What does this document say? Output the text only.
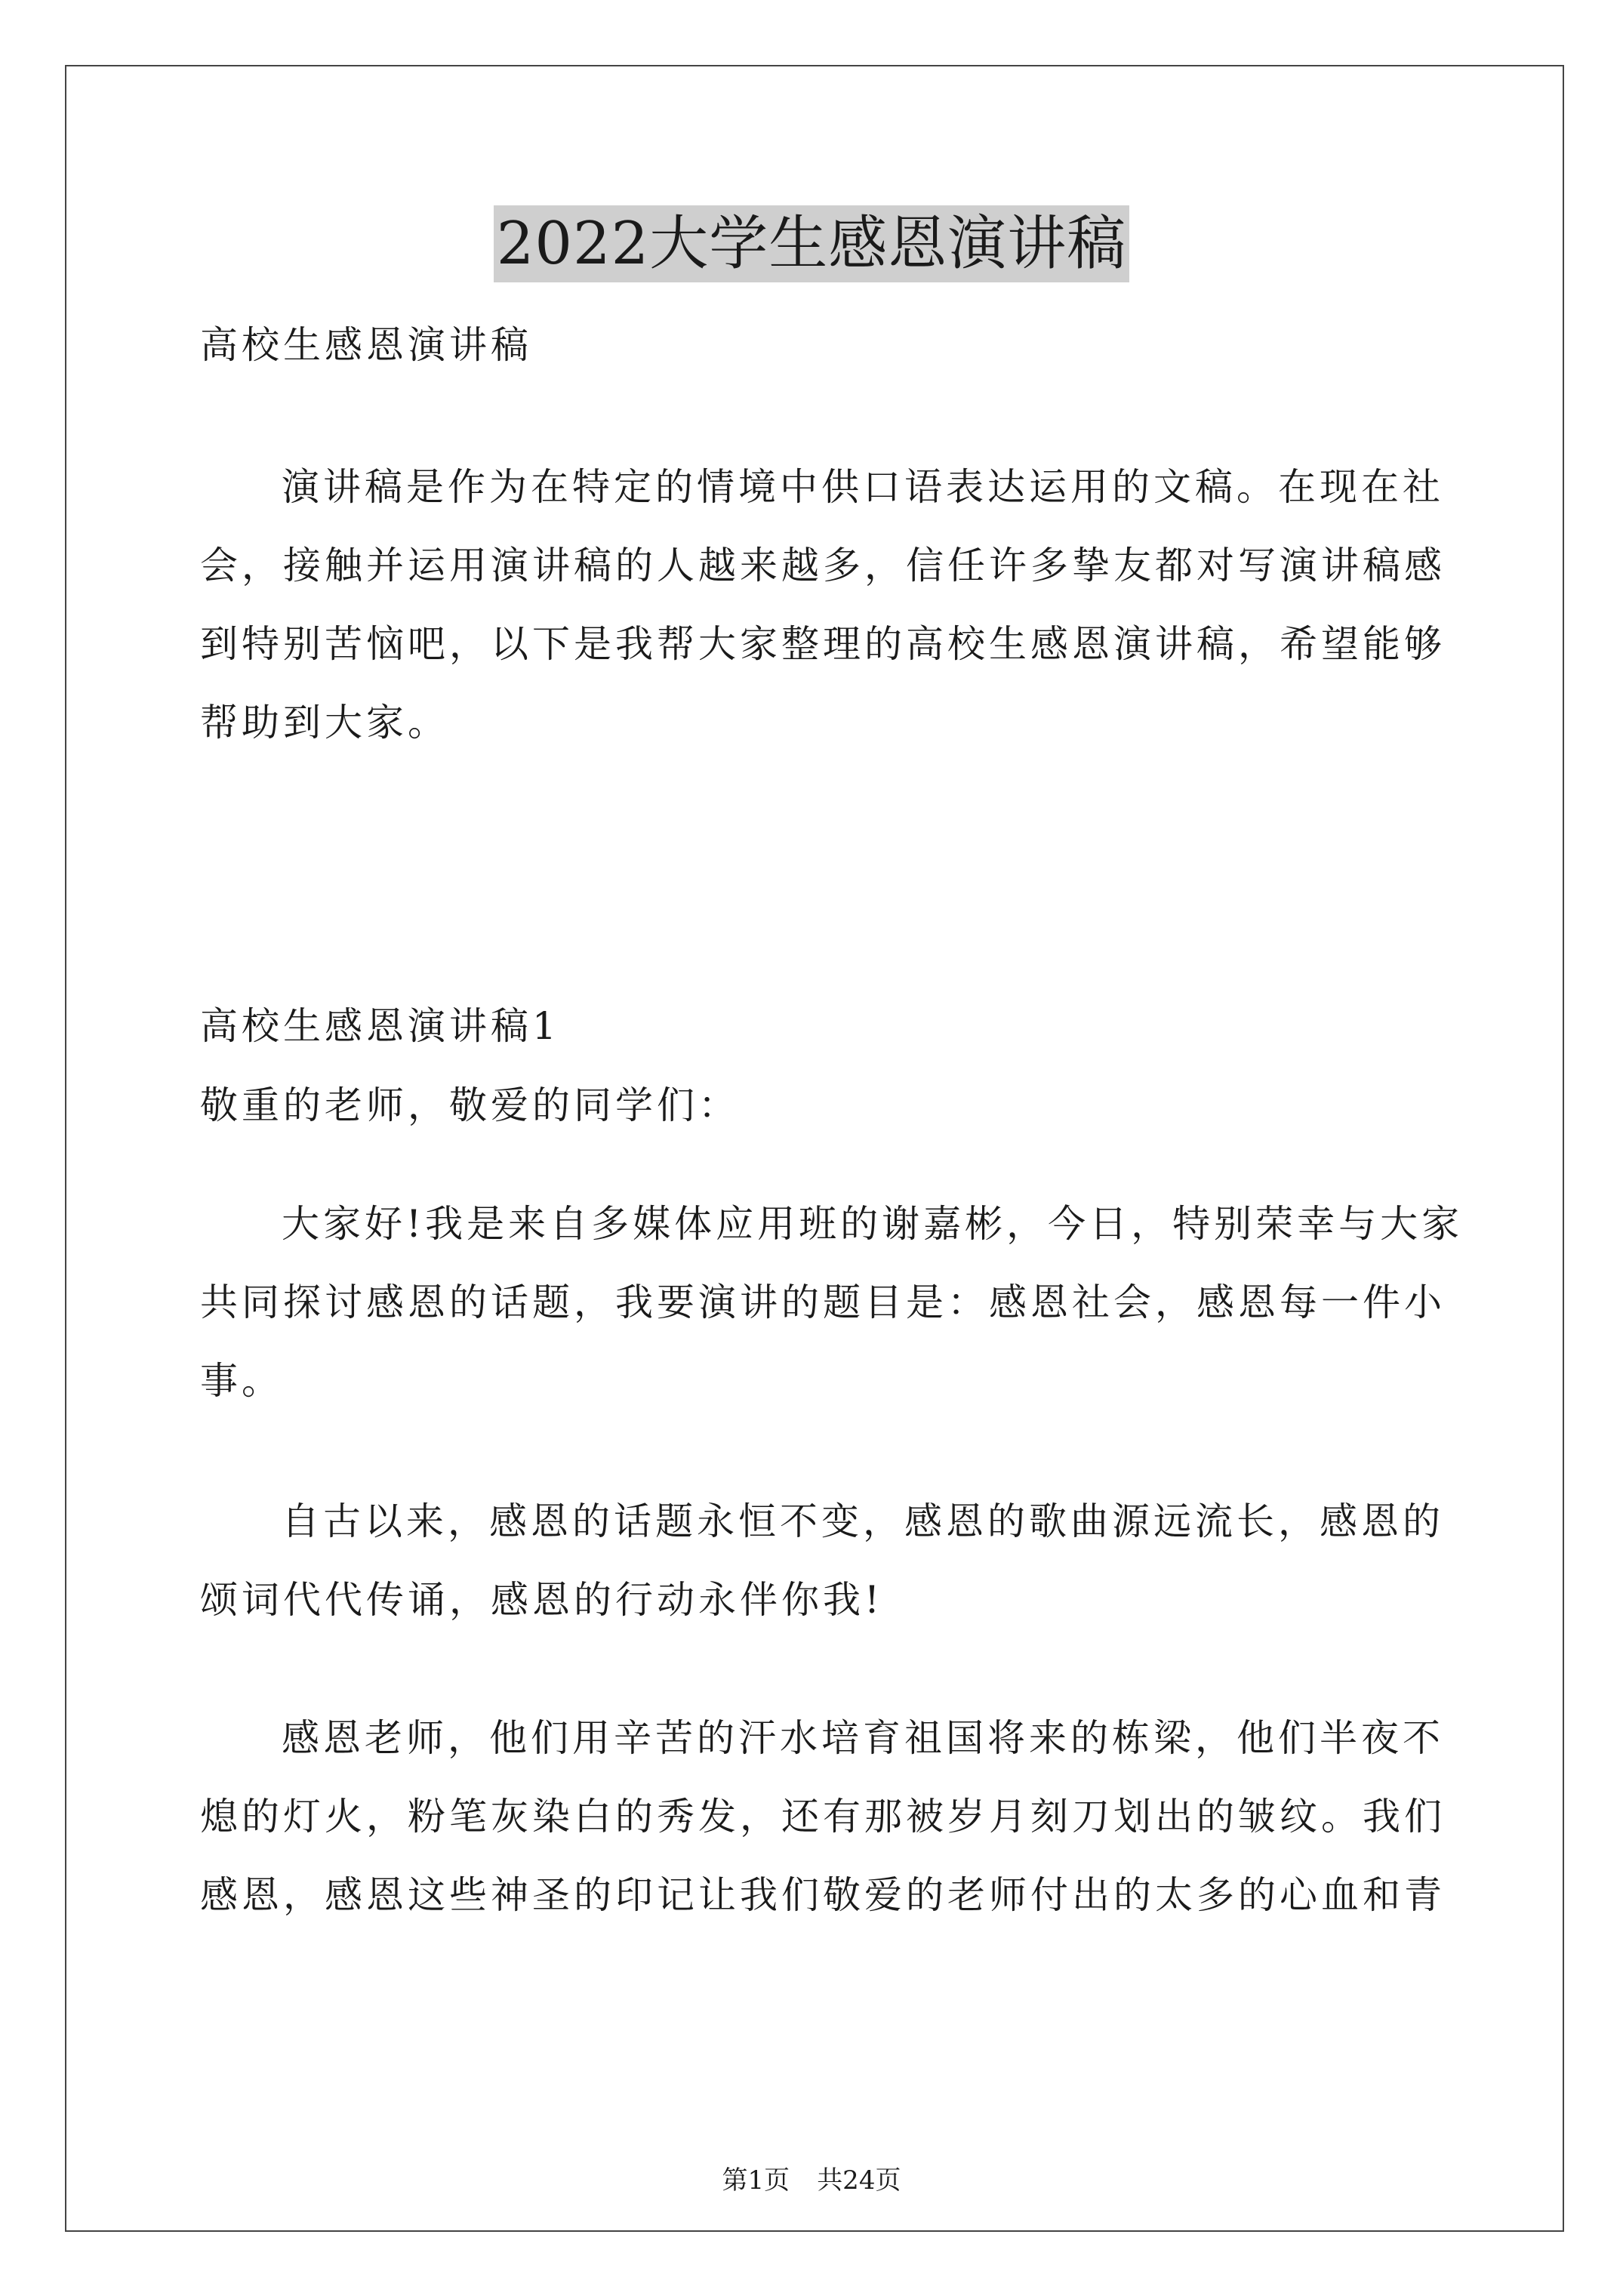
2022大学生感恩演讲稿

高校生感恩演讲稿

演讲稿是作为在特定的情境中供口语表达运用的文稿。在现在社

会，接触并运用演讲稿的人越来越多，信任许多挚友都对写演讲稿感

到特别苦恼吧，以下是我帮大家整理的高校生感恩演讲稿，希望能够

帮助到大家。

高校生感恩演讲稿1

敬重的老师，敬爱的同学们：

大家好!我是来自多媒体应用班的谢嘉彬，今日，特别荣幸与大家

共同探讨感恩的话题，我要演讲的题目是：感恩社会，感恩每一件小

事。

自古以来，感恩的话题永恒不变，感恩的歌曲源远流长，感恩的

颂词代代传诵，感恩的行动永伴你我!

感恩老师，他们用辛苦的汗水培育祖国将来的栋梁，他们半夜不

熄的灯火，粉笔灰染白的秀发，还有那被岁月刻刀划出的皱纹。我们

感恩，感恩这些神圣的印记让我们敬爱的老师付出的太多的心血和青

第1页 共24页
